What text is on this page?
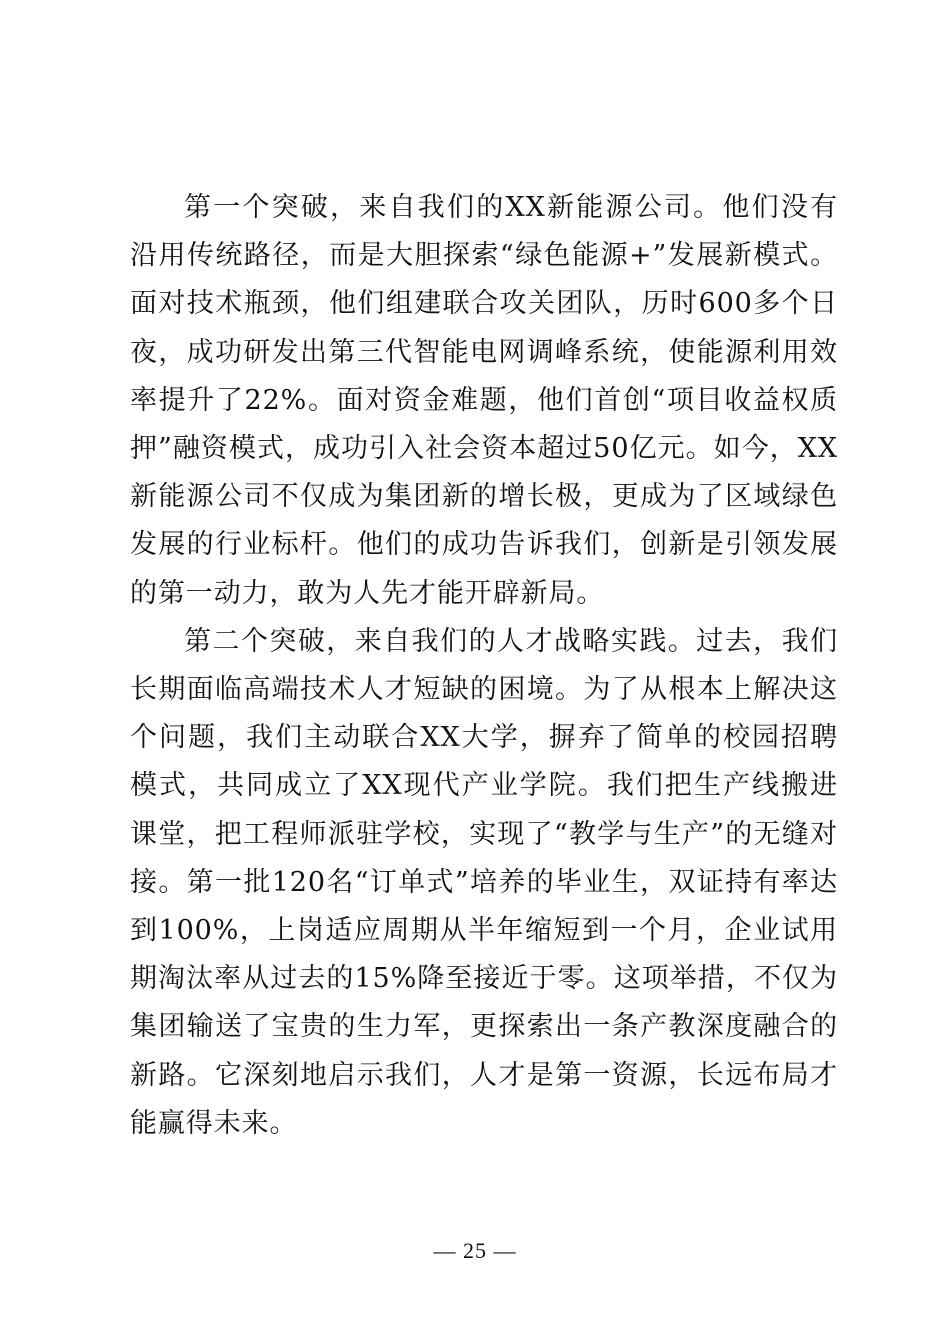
第一个突破，来自我们的XX新能源公司。他们没有沿用传统路径，而是大胆探索“绿色能源+”发展新模式。面对技术瓶颈，他们组建联合攻关团队，历时600多个日夜，成功研发出第三代智能电网调峰系统，使能源利用效率提升了22%。面对资金难题，他们首创“项目收益权质押”融资模式，成功引入社会资本超过50亿元。如今，XX新能源公司不仅成为集团新的增长极，更成为了区域绿色发展的行业标杆。他们的成功告诉我们，创新是引领发展的第一动力，敢为人先才能开辟新局。

第二个突破，来自我们的人才战略实践。过去，我们长期面临高端技术人才短缺的困境。为了从根本上解决这个问题，我们主动联合XX大学，摒弃了简单的校园招聘模式，共同成立了XX现代产业学院。我们把生产线搬进课堂，把工程师派驻学校，实现了“教学与生产”的无缝对接。第一批120名“订单式”培养的毕业生，双证持有率达到100%，上岗适应周期从半年缩短到一个月，企业试用期淘汰率从过去的15%降至接近于零。这项举措，不仅为集团输送了宝贵的生力军，更探索出一条产教深度融合的新路。它深刻地启示我们，人才是第一资源，长远布局才能赢得未来。

— 25 —
